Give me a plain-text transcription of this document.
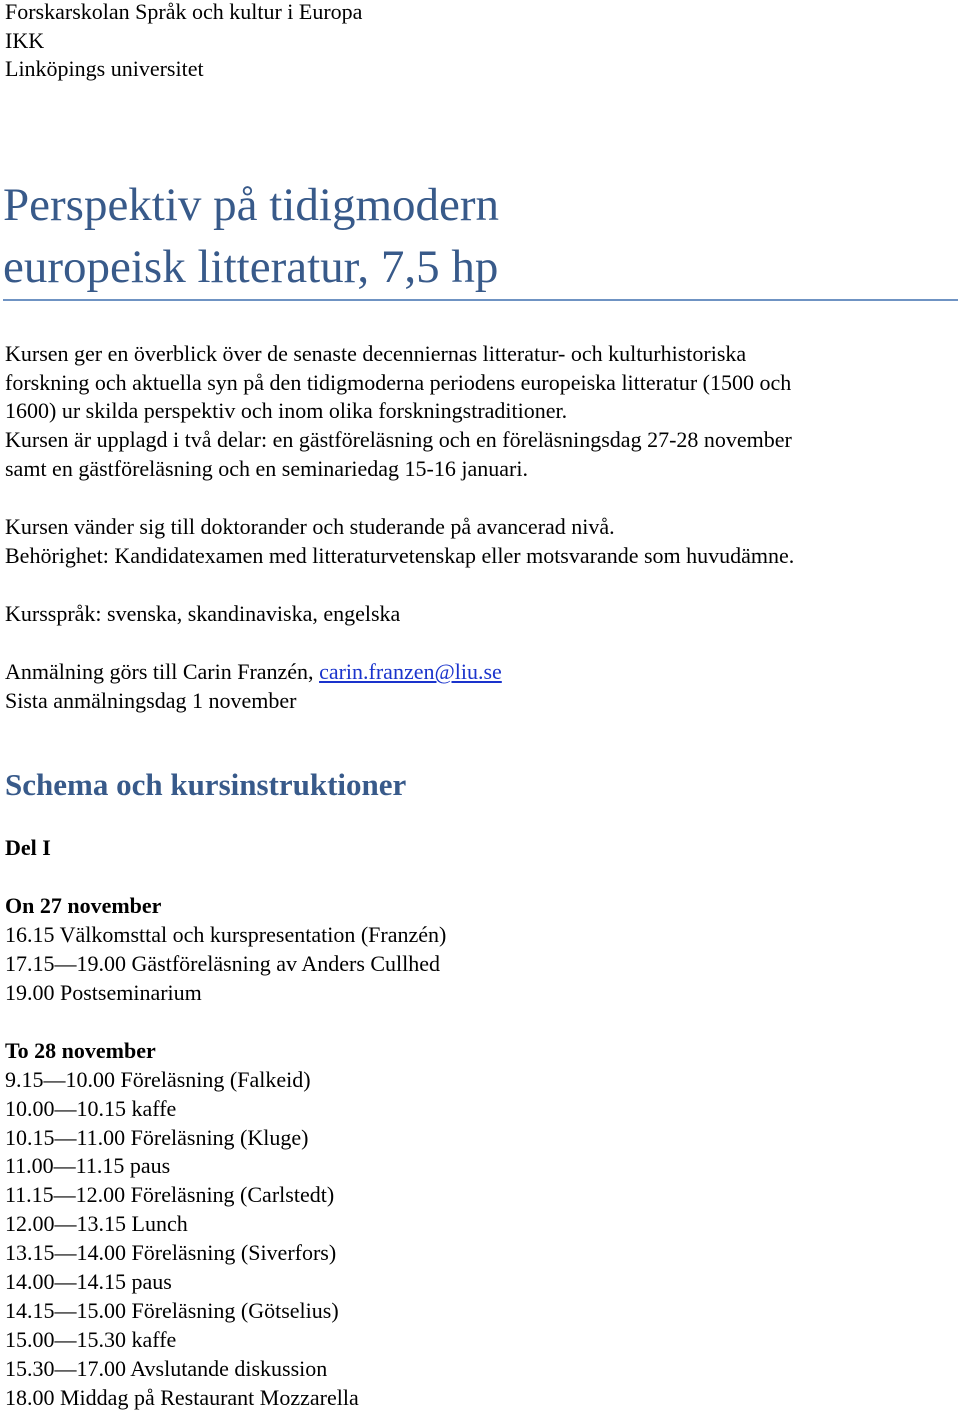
Forskarskolan Språk och kultur i Europa
IKK
Linköpings universitet
Perspektiv på tidigmodern
europeisk litteratur, 7,5 hp
Kursen ger en överblick över de senaste decenniernas litteratur- och kulturhistoriska
forskning och aktuella syn på den tidigmoderna periodens europeiska litteratur (1500 och
1600) ur skilda perspektiv och inom olika forskningstraditioner.
Kursen är upplagd i två delar: en gästföreläsning och en föreläsningsdag 27-28 november
samt en gästföreläsning och en seminariedag 15-16 januari.
Kursen vänder sig till doktorander och studerande på avancerad nivå.
Behörighet: Kandidatexamen med litteraturvetenskap eller motsvarande som huvudämne.
Kursspråk: svenska, skandinaviska, engelska
Anmälning görs till Carin Franzén, carin.franzen@liu.se
Sista anmälningsdag 1 november
Schema och kursinstruktioner
Del I
On 27 november
16.15 Välkomsttal och kurspresentation (Franzén)
17.15—19.00 Gästföreläsning av Anders Cullhed
19.00 Postseminarium
To 28 november
9.15—10.00 Föreläsning (Falkeid)
10.00—10.15 kaffe
10.15—11.00 Föreläsning (Kluge)
11.00—11.15 paus
11.15—12.00 Föreläsning (Carlstedt)
12.00—13.15 Lunch
13.15—14.00 Föreläsning (Siverfors)
14.00—14.15 paus
14.15—15.00 Föreläsning (Götselius)
15.00—15.30 kaffe
15.30—17.00 Avslutande diskussion
18.00 Middag på Restaurant Mozzarella
